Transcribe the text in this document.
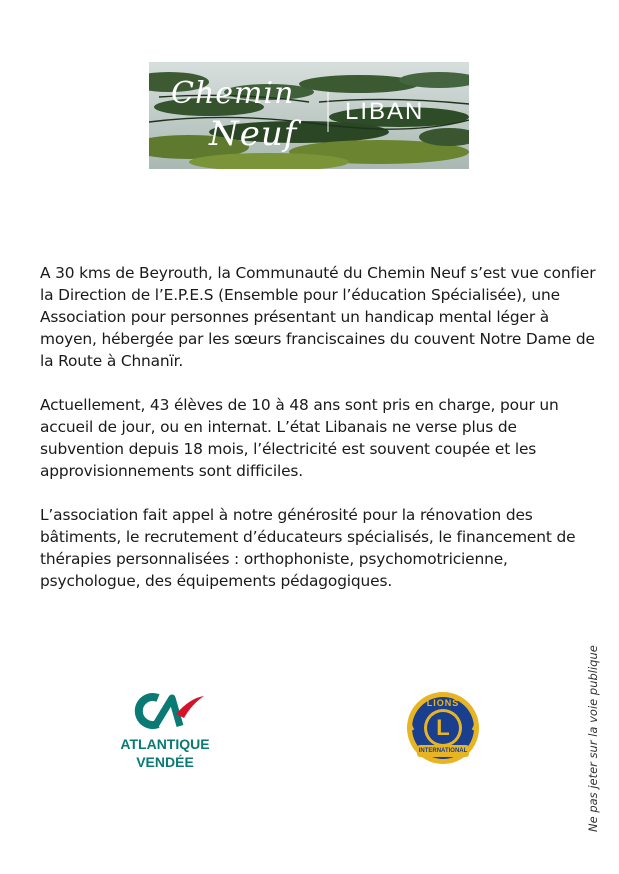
Chemin
Neuf
LIBAN

A 30 kms de Beyrouth, la Communauté du Chemin Neuf s’est vue confier la Direction de l’E.P.E.S (Ensemble pour l’éducation Spécialisée), une Association pour personnes présentant un handicap mental léger à moyen, hébergée par les sœurs franciscaines du couvent Notre Dame de la Route à Chnanïr.

Actuellement, 43 élèves de 10 à 48 ans sont pris en charge, pour un accueil de jour, ou en internat. L’état Libanais ne verse plus de subvention depuis 18 mois, l’électricité est souvent coupée et les approvisionnements sont difficiles.

L’association fait appel à notre générosité pour la rénovation des bâtiments, le recrutement d’éducateurs spécialisés, le financement de thérapies personnalisées : orthophoniste, psychomotricienne, psychologue, des équipements pédagogiques.

ATLANTIQUE
VENDÉE
L
LIONS
INTERNATIONAL	Ne pas jeter sur la voie publique
